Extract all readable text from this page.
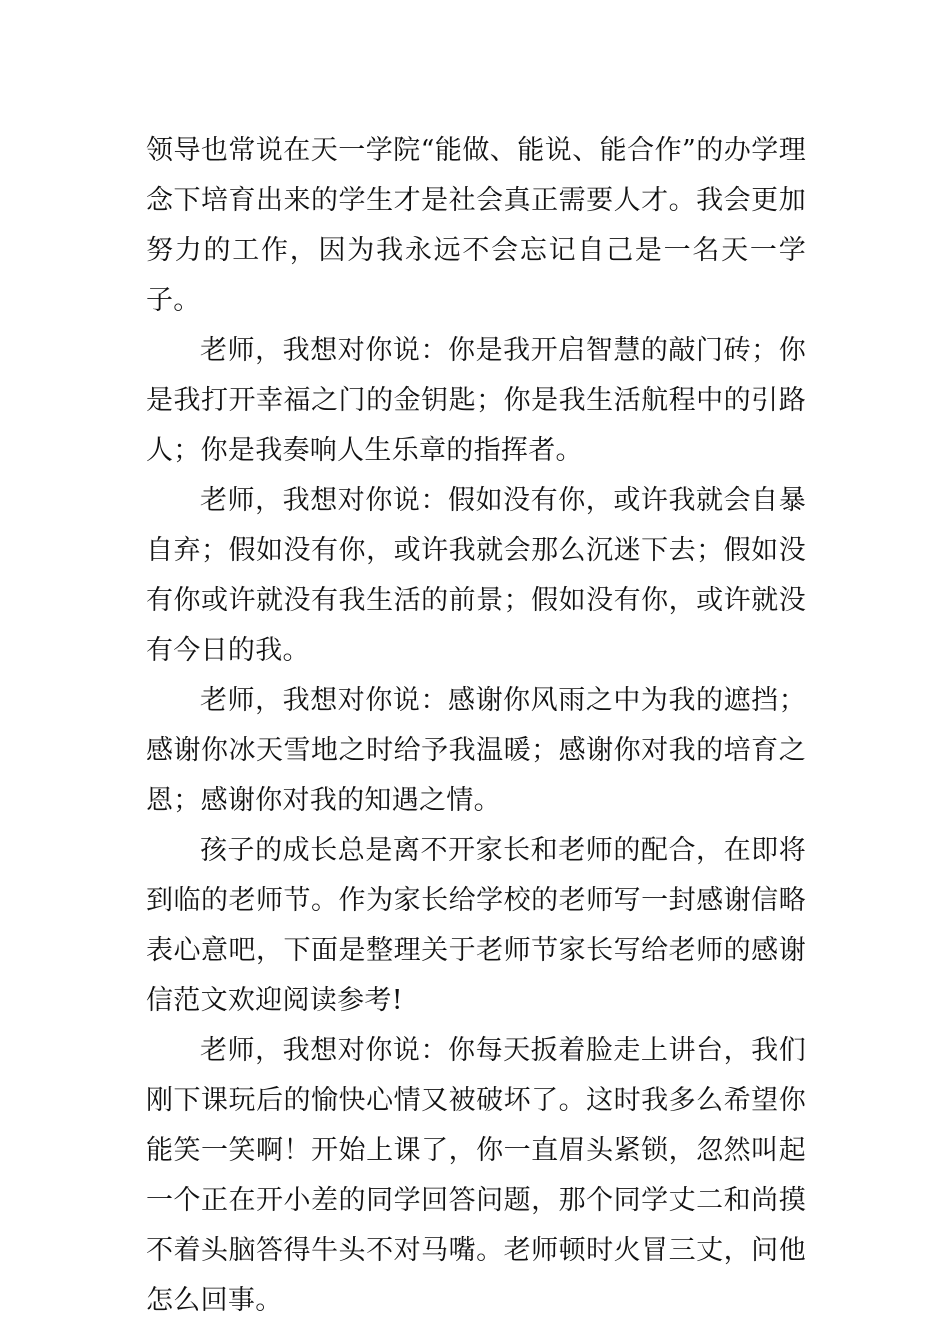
领导也常说在天一学院“能做、能说、能合作”的办学理念下培育出来的学生才是社会真正需要人才。我会更加努力的工作，因为我永远不会忘记自己是一名天一学子。

老师，我想对你说：你是我开启智慧的敲门砖；你是我打开幸福之门的金钥匙；你是我生活航程中的引路人；你是我奏响人生乐章的指挥者。

老师，我想对你说：假如没有你，或许我就会自暴自弃；假如没有你，或许我就会那么沉迷下去；假如没有你或许就没有我生活的前景；假如没有你，或许就没有今日的我。

老师，我想对你说：感谢你风雨之中为我的遮挡；感谢你冰天雪地之时给予我温暖；感谢你对我的培育之恩；感谢你对我的知遇之情。

孩子的成长总是离不开家长和老师的配合，在即将到临的老师节。作为家长给学校的老师写一封感谢信略表心意吧，下面是整理关于老师节家长写给老师的感谢信范文欢迎阅读参考!

老师，我想对你说：你每天扳着脸走上讲台，我们刚下课玩后的愉快心情又被破坏了。这时我多么希望你能笑一笑啊！开始上课了，你一直眉头紧锁，忽然叫起一个正在开小差的同学回答问题，那个同学丈二和尚摸不着头脑答得牛头不对马嘴。老师顿时火冒三丈，问他怎么回事。
